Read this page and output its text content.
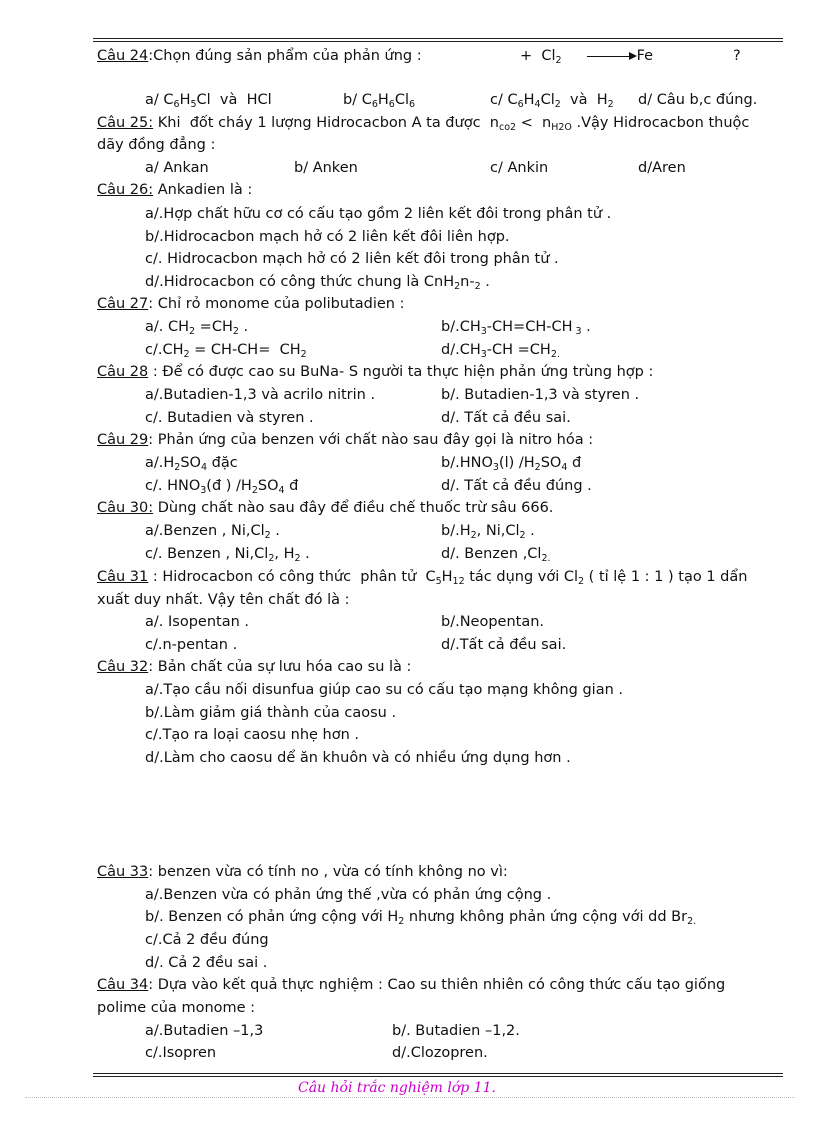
Câu 24:Chọn đúng sản phẩm của phản ứng :	+ $Cl_2$	Fe	?
a/ $C_6H_5Cl$  và  HCl	b/ $C_6H_6Cl_6$	c/ $C_6H_4Cl_2$  và  $H_2$ d/ Câu b,c đúng.
Câu 25: Khi  đốt cháy 1 lượng Hidrocacbon A ta được  $n_{co2} < n_{H2O}$ .Vậy Hidrocacbon thuộc
dãy đồng đẳng :
a/ Ankan	b/ Anken	c/ Ankin	d/Aren
Câu 26: Ankadien là :
a/.Hợp chất hữu cơ có cấu tạo gồm 2 liên kết đôi trong phân tử .
b/.Hidrocacbon mạch hở có 2 liên kết đôi liên hợp.
c/. Hidrocacbon mạch hở có 2 liên kết đôi trong phân tử .
d/.Hidrocacbon có công thức chung là $CnH_2n-_2$ .
Câu 27: Chỉ rỏ monome của polibutadien :
a/. $CH_2 =CH_2$ .	$b/.CH_3-CH=CH-CH$ $_3$ .
$c/.CH_2 = CH-CH= CH_2$	$d/.CH_3-CH =CH_{2.}$
Câu 28 : Để có được cao su BuNa- S người ta thực hiện phản ứng trùng hợp :
a/.Butadien-1,3 và acrilo nitrin .	b/. Butadien-1,3 và styren .
c/. Butadien và styren .	d/. Tất cả đều sai.
Câu 29: Phản ứng của benzen với chất nào sau đây gọi là nitro hóa :
$a/.H_2SO_4$ đặc	$b/.HNO_3(l)$ $/H_2SO_4$ đ
c/. $HNO_3(đ$ ) $/H_2SO_4$ đ	d/. Tất cả đều đúng .
Câu 30: Dùng chất nào sau đây để điều chế thuốc trừ sâu 666.
a/.Benzen , $Ni,Cl_2$ .	$b/.H_2$, $Ni,Cl_2$ .
c/. Benzen , $Ni,Cl_2$, $H_2$ .	d/. Benzen $,Cl_{2.}$
Câu 31 : Hidrocacbon có công thức  phân tử  $C_5H_{12}$ tác dụng với $Cl_2$ ( tỉ lệ 1 : 1 ) tạo 1 dẩn
xuất duy nhất. Vậy tên chất đó là :
a/. Isopentan .	b/.Neopentan.
c/.n-pentan .	d/.Tất cả đều sai.
Câu 32: Bản chất của sự lưu hóa cao su là :
a/.Tạo cầu nối disunfua giúp cao su có cấu tạo mạng không gian .
b/.Làm giảm giá thành của caosu .
c/.Tạo ra loại caosu nhẹ hơn .
d/.Làm cho caosu dể ăn khuôn và có nhiều ứng dụng hơn .
Câu 33: benzen vừa có tính no , vừa có tính không no vì:
a/.Benzen vừa có phản ứng thế ,vừa có phản ứng cộng .
b/. Benzen có phản ứng cộng với $H_2$ nhưng không phản ứng cộng với dd $Br_{2.}$
c/.Cả 2 đều đúng
d/. Cả 2 đều sai .
Câu 34: Dựa vào kết quả thực nghiệm : Cao su thiên nhiên có công thức cấu tạo giống
polime của monome :
a/.Butadien –1,3	b/. Butadien –1,2.
c/.Isopren	d/.Clozopren.
Câu hỏi trắc nghiệm lớp 11.
